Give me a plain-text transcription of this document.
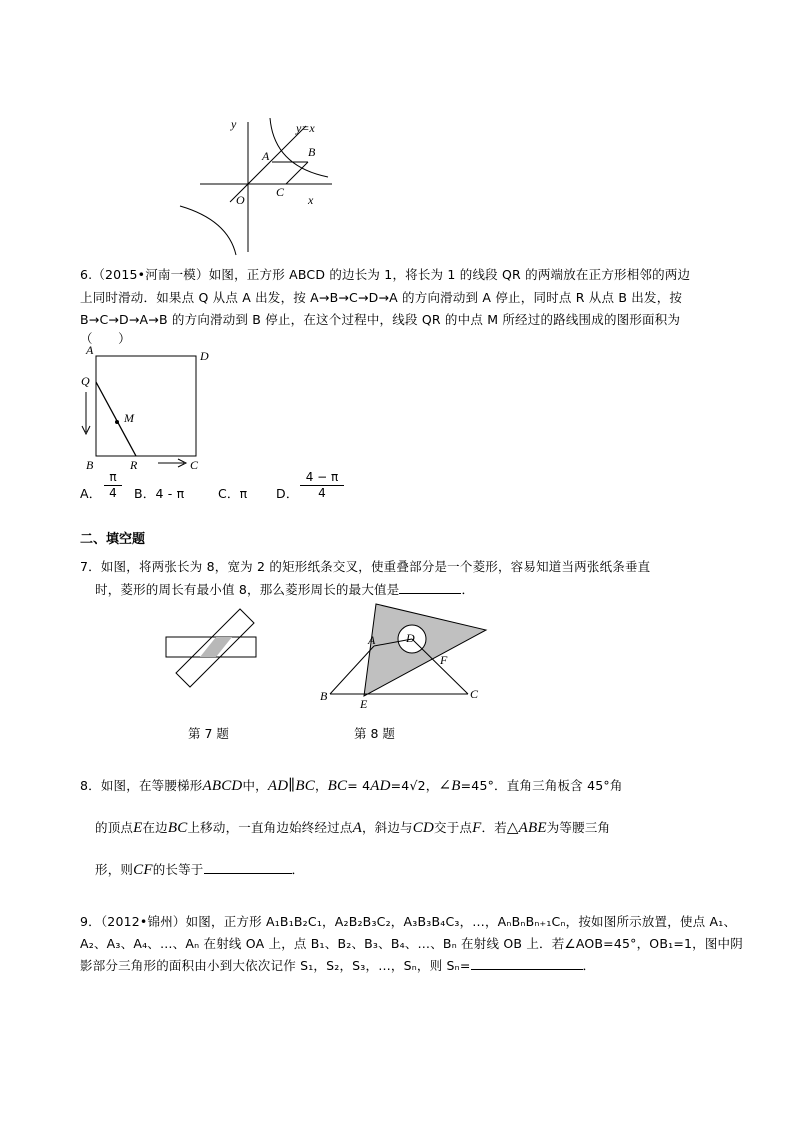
y	y=x
A	B
C
O	x
6.（2015•河南一模）如图，正方形 ABCD 的边长为 1，将长为 1 的线段 QR 的两端放在正方形相邻的两边
上同时滑动．如果点 Q 从点 A 出发，按 A→B→C→D→A 的方向滑动到 A 停止，同时点 R 从点 B 出发，按
B→C→D→A→B 的方向滑动到 B 停止，在这个过程中，线段 QR 的中点 M 所经过的路线围成的图形面积为
（　　）
A	D
Q
M
B	R	C
A．
π
4	B．4 - π	C．π D．
4 − π
4
二、填空题
7．如图，将两张长为 8，宽为 2 的矩形纸条交叉，使重叠部分是一个菱形，容易知道当两张纸条垂直
时，菱形的周长有最小值 8，那么菱形周长的最大值是	．
第 7 题
A	D
F
B
E
C
第 8 题
8．如图，在等腰梯形ABCD中，AD∥BC，BC= 4AD=4√2，∠B=45°．直角三角板含 45°角
的顶点E在边BC上移动，一直角边始终经过点A，斜边与CD交于点F．若△ABE为等腰三角
形，则CF的长等于	．
9．（2012•锦州）如图，正方形 A₁B₁B₂C₁，A₂B₂B₃C₂，A₃B₃B₄C₃，…，AₙBₙBₙ₊₁Cₙ，按如图所示放置，使点 A₁、
A₂、A₃、A₄、…、Aₙ 在射线 OA 上，点 B₁、B₂、B₃、B₄、…、Bₙ 在射线 OB 上．若∠AOB=45°，OB₁=1，图中阴
影部分三角形的面积由小到大依次记作 S₁，S₂，S₃，…，Sₙ，则 Sₙ=	．
